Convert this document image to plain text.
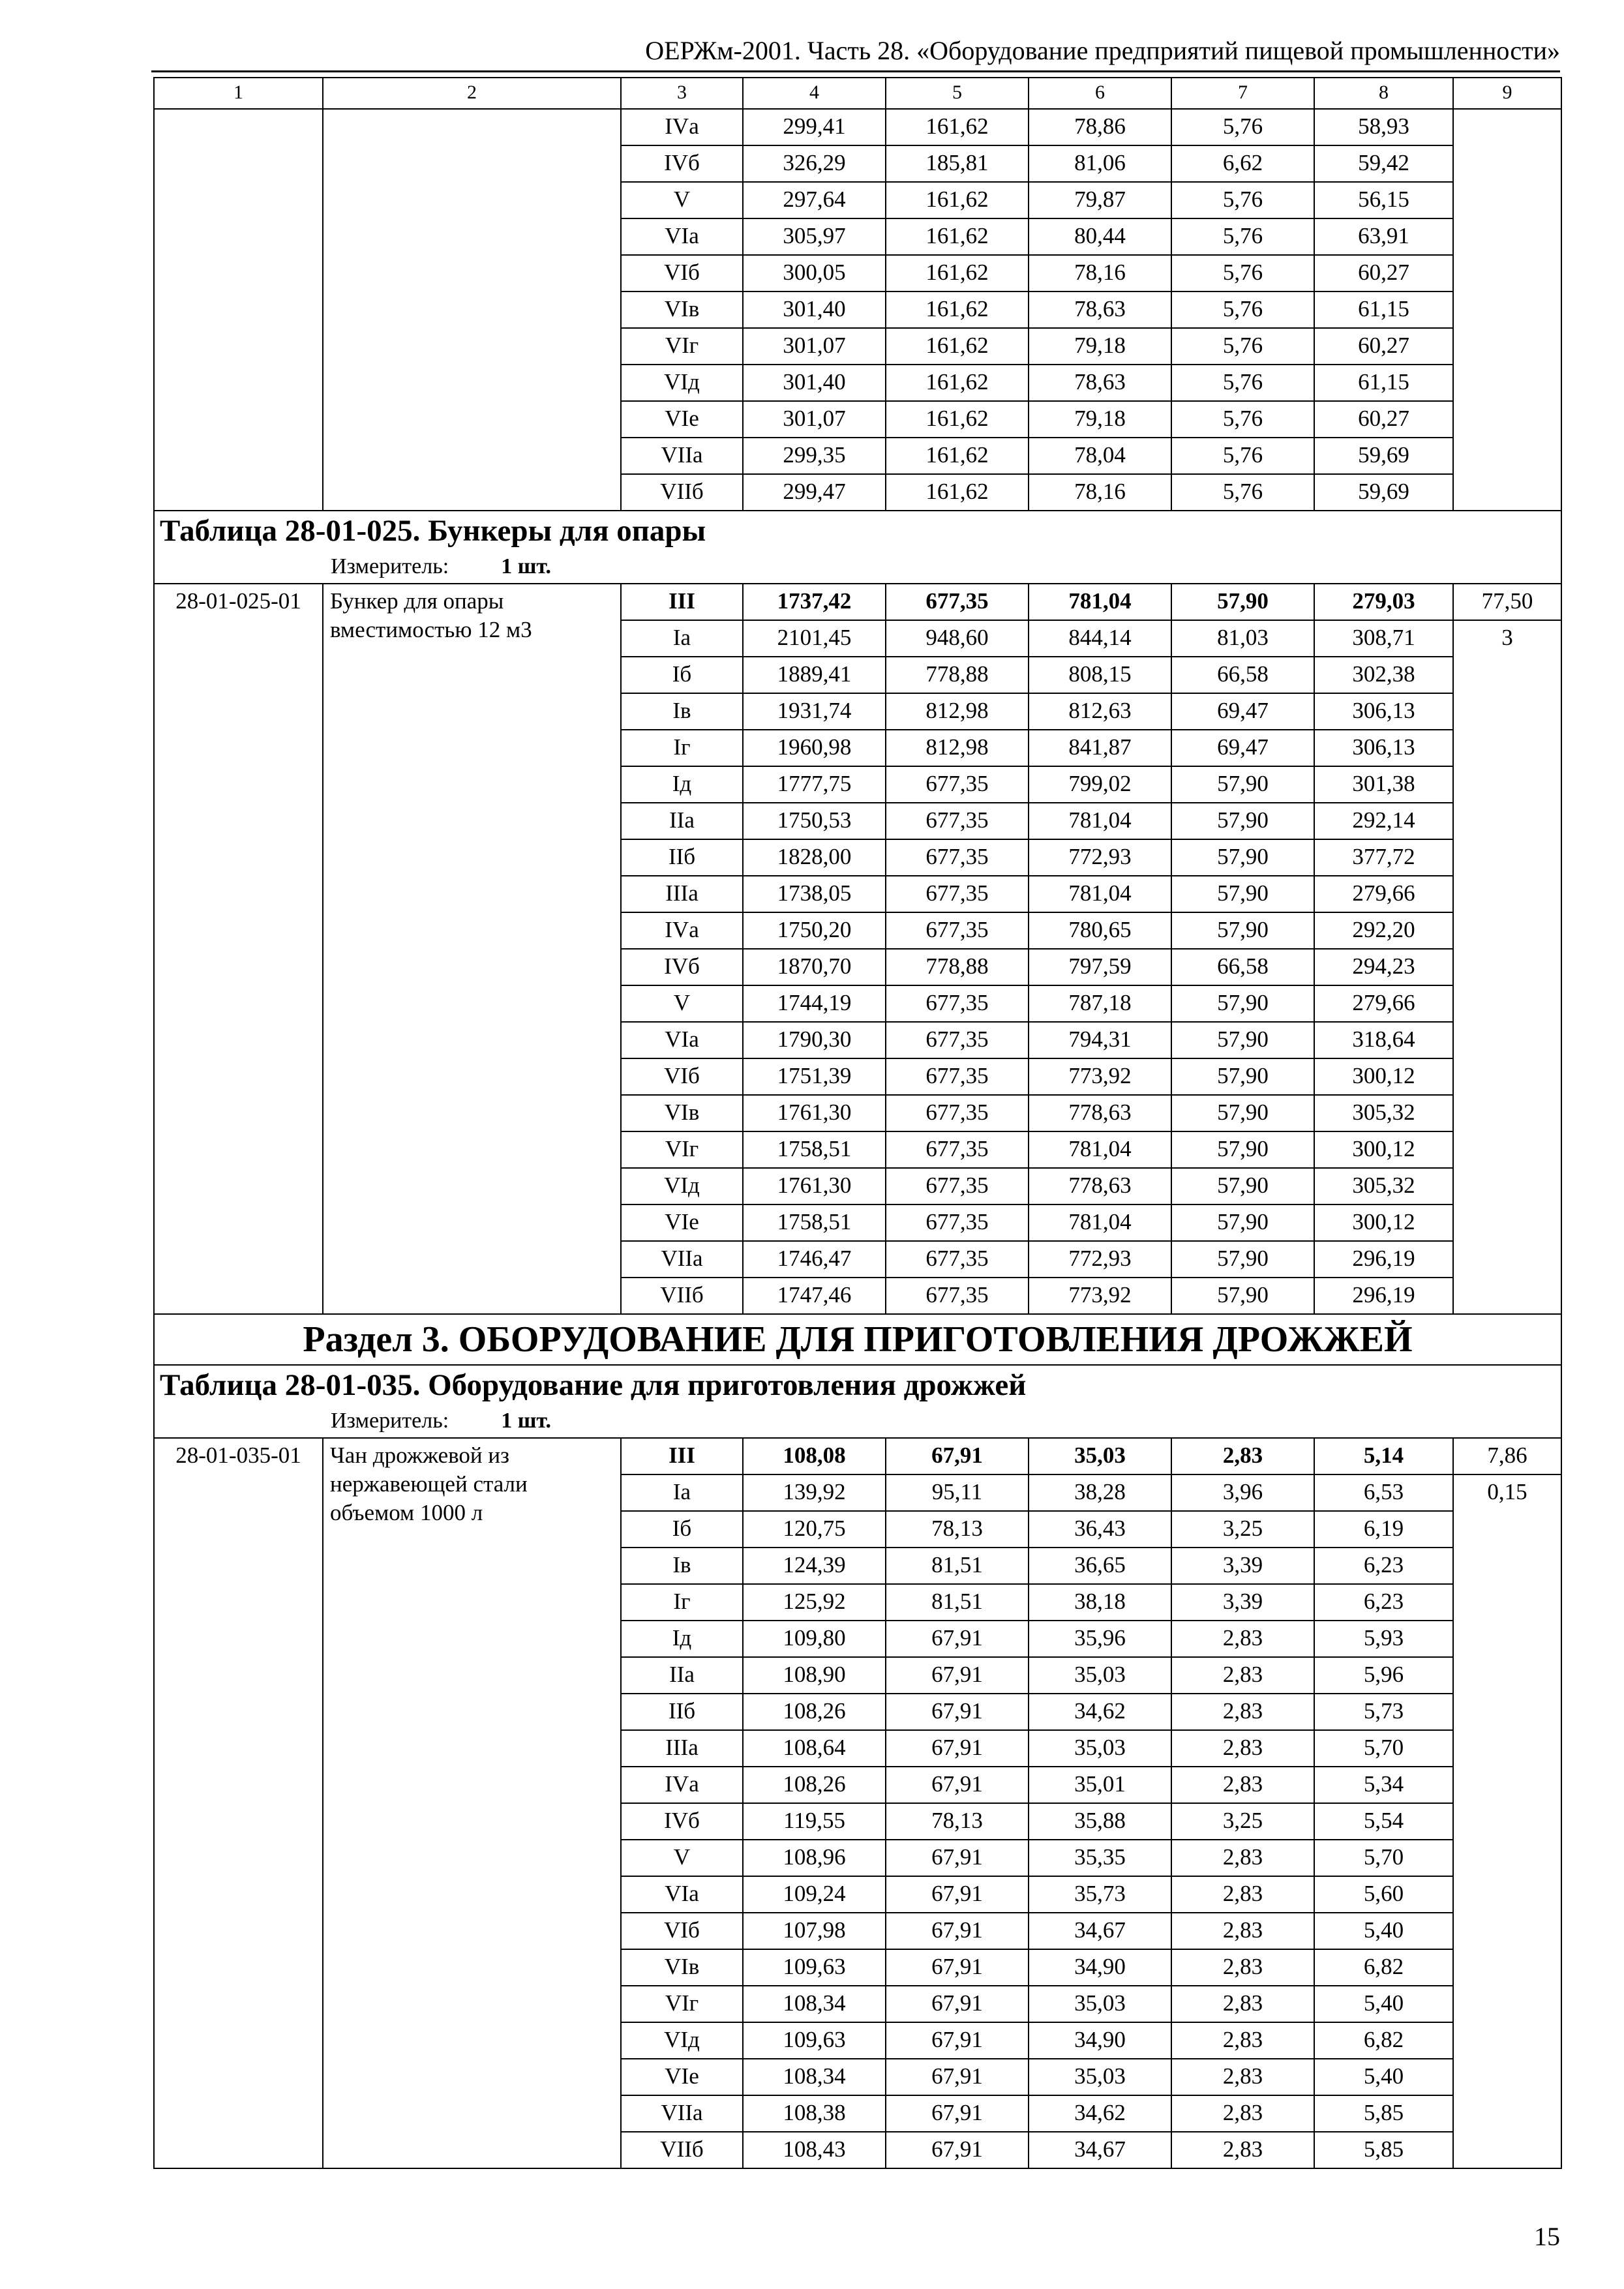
ОЕРЖм-2001. Часть 28. «Оборудование предприятий пищевой промышленности»
1	2	3	4	5	6	7	8	9
		IVа	299,41	161,62	78,86	5,76	58,93	
		IVб	326,29	185,81	81,06	6,62	59,42	
		V	297,64	161,62	79,87	5,76	56,15	
		VIа	305,97	161,62	80,44	5,76	63,91	
		VIб	300,05	161,62	78,16	5,76	60,27	
		VIв	301,40	161,62	78,63	5,76	61,15	
		VIг	301,07	161,62	79,18	5,76	60,27	
		VIд	301,40	161,62	78,63	5,76	61,15	
		VIе	301,07	161,62	79,18	5,76	60,27	
		VIIа	299,35	161,62	78,04	5,76	59,69	
		VIIб	299,47	161,62	78,16	5,76	59,69	

Таблица 28-01-025. Бункеры для опары
Измеритель: 1 шт.								

28-01-025-01	Бункер для опары вместимостью 12 м3	III	1737,42	677,35	781,04	57,90	279,03	77,50
		Iа	2101,45	948,60	844,14	81,03	308,71	3
		Iб	1889,41	778,88	808,15	66,58	302,38	
		Iв	1931,74	812,98	812,63	69,47	306,13	
		Iг	1960,98	812,98	841,87	69,47	306,13	
		Iд	1777,75	677,35	799,02	57,90	301,38	
		IIа	1750,53	677,35	781,04	57,90	292,14	
		IIб	1828,00	677,35	772,93	57,90	377,72	
		IIIа	1738,05	677,35	781,04	57,90	279,66	
		IVа	1750,20	677,35	780,65	57,90	292,20	
		IVб	1870,70	778,88	797,59	66,58	294,23	
		V	1744,19	677,35	787,18	57,90	279,66	
		VIа	1790,30	677,35	794,31	57,90	318,64	
		VIб	1751,39	677,35	773,92	57,90	300,12	
		VIв	1761,30	677,35	778,63	57,90	305,32	
		VIг	1758,51	677,35	781,04	57,90	300,12	
		VIд	1761,30	677,35	778,63	57,90	305,32	
		VIе	1758,51	677,35	781,04	57,90	300,12	
		VIIа	1746,47	677,35	772,93	57,90	296,19	
		VIIб	1747,46	677,35	773,92	57,90	296,19	
Раздел 3. ОБОРУДОВАНИЕ ДЛЯ ПРИГОТОВЛЕНИЯ ДРОЖЖЕЙ								

Таблица 28-01-035. Оборудование для приготовления дрожжей
Измеритель: 1 шт.								

28-01-035-01	Чан дрожжевой из нержавеющей стали объемом 1000 л	III	108,08	67,91	35,03	2,83	5,14	7,86
		Iа	139,92	95,11	38,28	3,96	6,53	0,15
		Iб	120,75	78,13	36,43	3,25	6,19	
		Iв	124,39	81,51	36,65	3,39	6,23	
		Iг	125,92	81,51	38,18	3,39	6,23	
		Iд	109,80	67,91	35,96	2,83	5,93	
		IIа	108,90	67,91	35,03	2,83	5,96	
		IIб	108,26	67,91	34,62	2,83	5,73	
		IIIа	108,64	67,91	35,03	2,83	5,70	
		IVа	108,26	67,91	35,01	2,83	5,34	
		IVб	119,55	78,13	35,88	3,25	5,54	
		V	108,96	67,91	35,35	2,83	5,70	
		VIа	109,24	67,91	35,73	2,83	5,60	
		VIб	107,98	67,91	34,67	2,83	5,40	
		VIв	109,63	67,91	34,90	2,83	6,82	
		VIг	108,34	67,91	35,03	2,83	5,40	
		VIд	109,63	67,91	34,90	2,83	6,82	
		VIе	108,34	67,91	35,03	2,83	5,40	
		VIIа	108,38	67,91	34,62	2,83	5,85	
		VIIб	108,43	67,91	34,67	2,83	5,85	
15
